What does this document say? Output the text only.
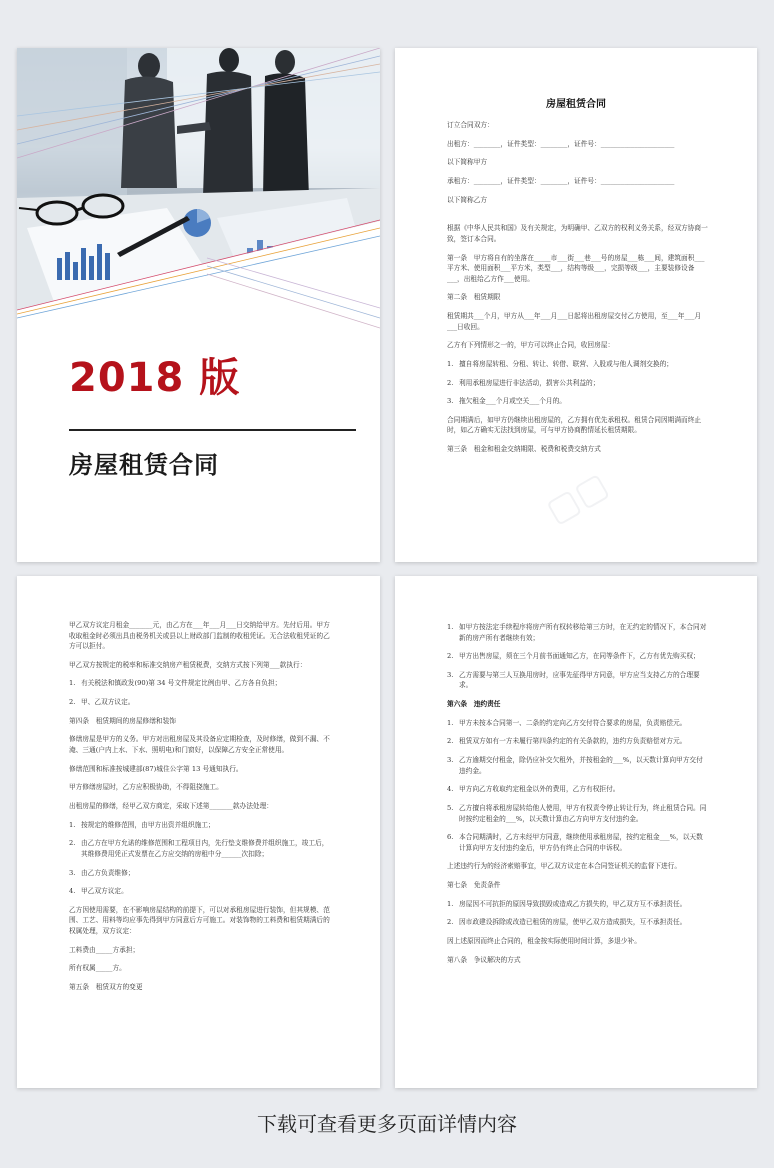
2018 版
房屋租赁合同	▢▢
房屋租赁合同
订立合同双方：
出租方：________，证件类型：________，证件号：______________________
以下简称甲方
承租方：________，证件类型：________，证件号：______________________
以下简称乙方
根据《中华人民共和国》及有关规定，为明确甲、乙双方的权利义务关系，经双方协商一致，签订本合同。
第一条　甲方将自有的坐落在_____市___街___巷___号的房屋___栋___间，建筑面积___平方米、使用面积___平方米，类型___，结构等级___，完损等级___，主要装修设备___，出租给乙方作___使用。
第二条　租赁期限
租赁期共___个月，甲方从___年___月___日起将出租房屋交付乙方使用，至___年___月___日收回。
乙方有下列情形之一的，甲方可以终止合同，收回房屋：
1. 擅自将房屋转租、分租、转让、转借、联营、入股或与他人调剂交换的；
2. 利用承租房屋进行非法活动，损害公共利益的；
3. 拖欠租金___个月或空关___个月的。
合同期满后，如甲方仍继续出租房屋的，乙方拥有优先承租权。租赁合同因期满而终止时，如乙方确实无法找到房屋，可与甲方协商酌情延长租赁期限。
第三条　租金和租金交纳期限、税费和税费交纳方式
甲乙双方议定月租金_______元，由乙方在___年___月___日交纳给甲方。先付后用。甲方收取租金时必须出具由税务机关或县以上财政部门监制的收租凭证。无合法收租凭证的乙方可以拒付。
甲乙双方按规定的税率和标准交纳房产租赁税费，交纳方式按下列第___款执行：
1. 有关税法和镇政发(90)第 34 号文件规定比例由甲、乙方各自负担；
2. 甲、乙双方议定。
第四条　租赁期间的房屋修缮和装饰
修缮房屋是甲方的义务。甲方对出租房屋及其设备应定期检查，及时修缮，做到不漏、不淹、三通(户内上水、下水、照明电)和门窗好，以保障乙方安全正常使用。
修缮范围和标准按城建部(87)城住公字第 13 号通知执行。
甲方修缮房屋时，乙方应积极协助，不得阻挠施工。
出租房屋的修缮，经甲乙双方商定，采取下述第_______款办法处理：
1. 按规定的维修范围，由甲方出资并组织施工；
2. 由乙方在甲方允诺的维修范围和工程项目内，先行垫支维修费并组织施工，竣工后，其维修费用凭正式发票在乙方应交纳的房租中分______次扣除；
3. 由乙方负责维修；
4. 甲乙双方议定。
乙方因使用需要，在不影响房屋结构的前提下，可以对承租房屋进行装饰，但其规模、范围、工艺、用料等均应事先得到甲方同意后方可施工。对装饰物的工料费和租赁期满后的权属处理，双方议定：
工料费由_____方承担；
所有权属_____方。
第五条　租赁双方的变更
1. 如甲方按法定手续程序将房产所有权转移给第三方时，在无约定的情况下，本合同对新的房产所有者继续有效；
2. 甲方出售房屋，须在三个月前书面通知乙方，在同等条件下，乙方有优先购买权；
3. 乙方需要与第三人互换用房时，应事先征得甲方同意，甲方应当支持乙方的合理要求。
第六条　违约责任
1. 甲方未按本合同第一、二条的约定向乙方交付符合要求的房屋，负责赔偿元。
2. 租赁双方如有一方未履行第四条约定的有关条款的，违约方负责赔偿对方元。
3. 乙方逾期交付租金，除仍应补交欠租外，并按租金的___%，以天数计算向甲方交付违约金。
4. 甲方向乙方收取约定租金以外的费用，乙方有权拒付。
5. 乙方擅自将承租房屋转给他人使用，甲方有权责令停止转让行为，终止租赁合同。同时按约定租金的___%，以天数计算由乙方向甲方支付违约金。
6. 本合同期满时，乙方未经甲方同意，继续使用承租房屋，按约定租金___%，以天数计算向甲方支付违约金后，甲方仍有终止合同的申诉权。
上述违约行为的经济索赔事宜，甲乙双方议定在本合同签证机关的监督下进行。
第七条　免责条件
1. 房屋因不可抗拒的原因导致损毁或造成乙方损失的，甲乙双方互不承担责任。
2. 因市政建设拆除或改造已租赁的房屋，使甲乙双方造成损失，互不承担责任。
因上述原因而终止合同的，租金按实际使用时间计算，多退少补。
第八条　争议解决的方式
下载可查看更多页面详情内容
